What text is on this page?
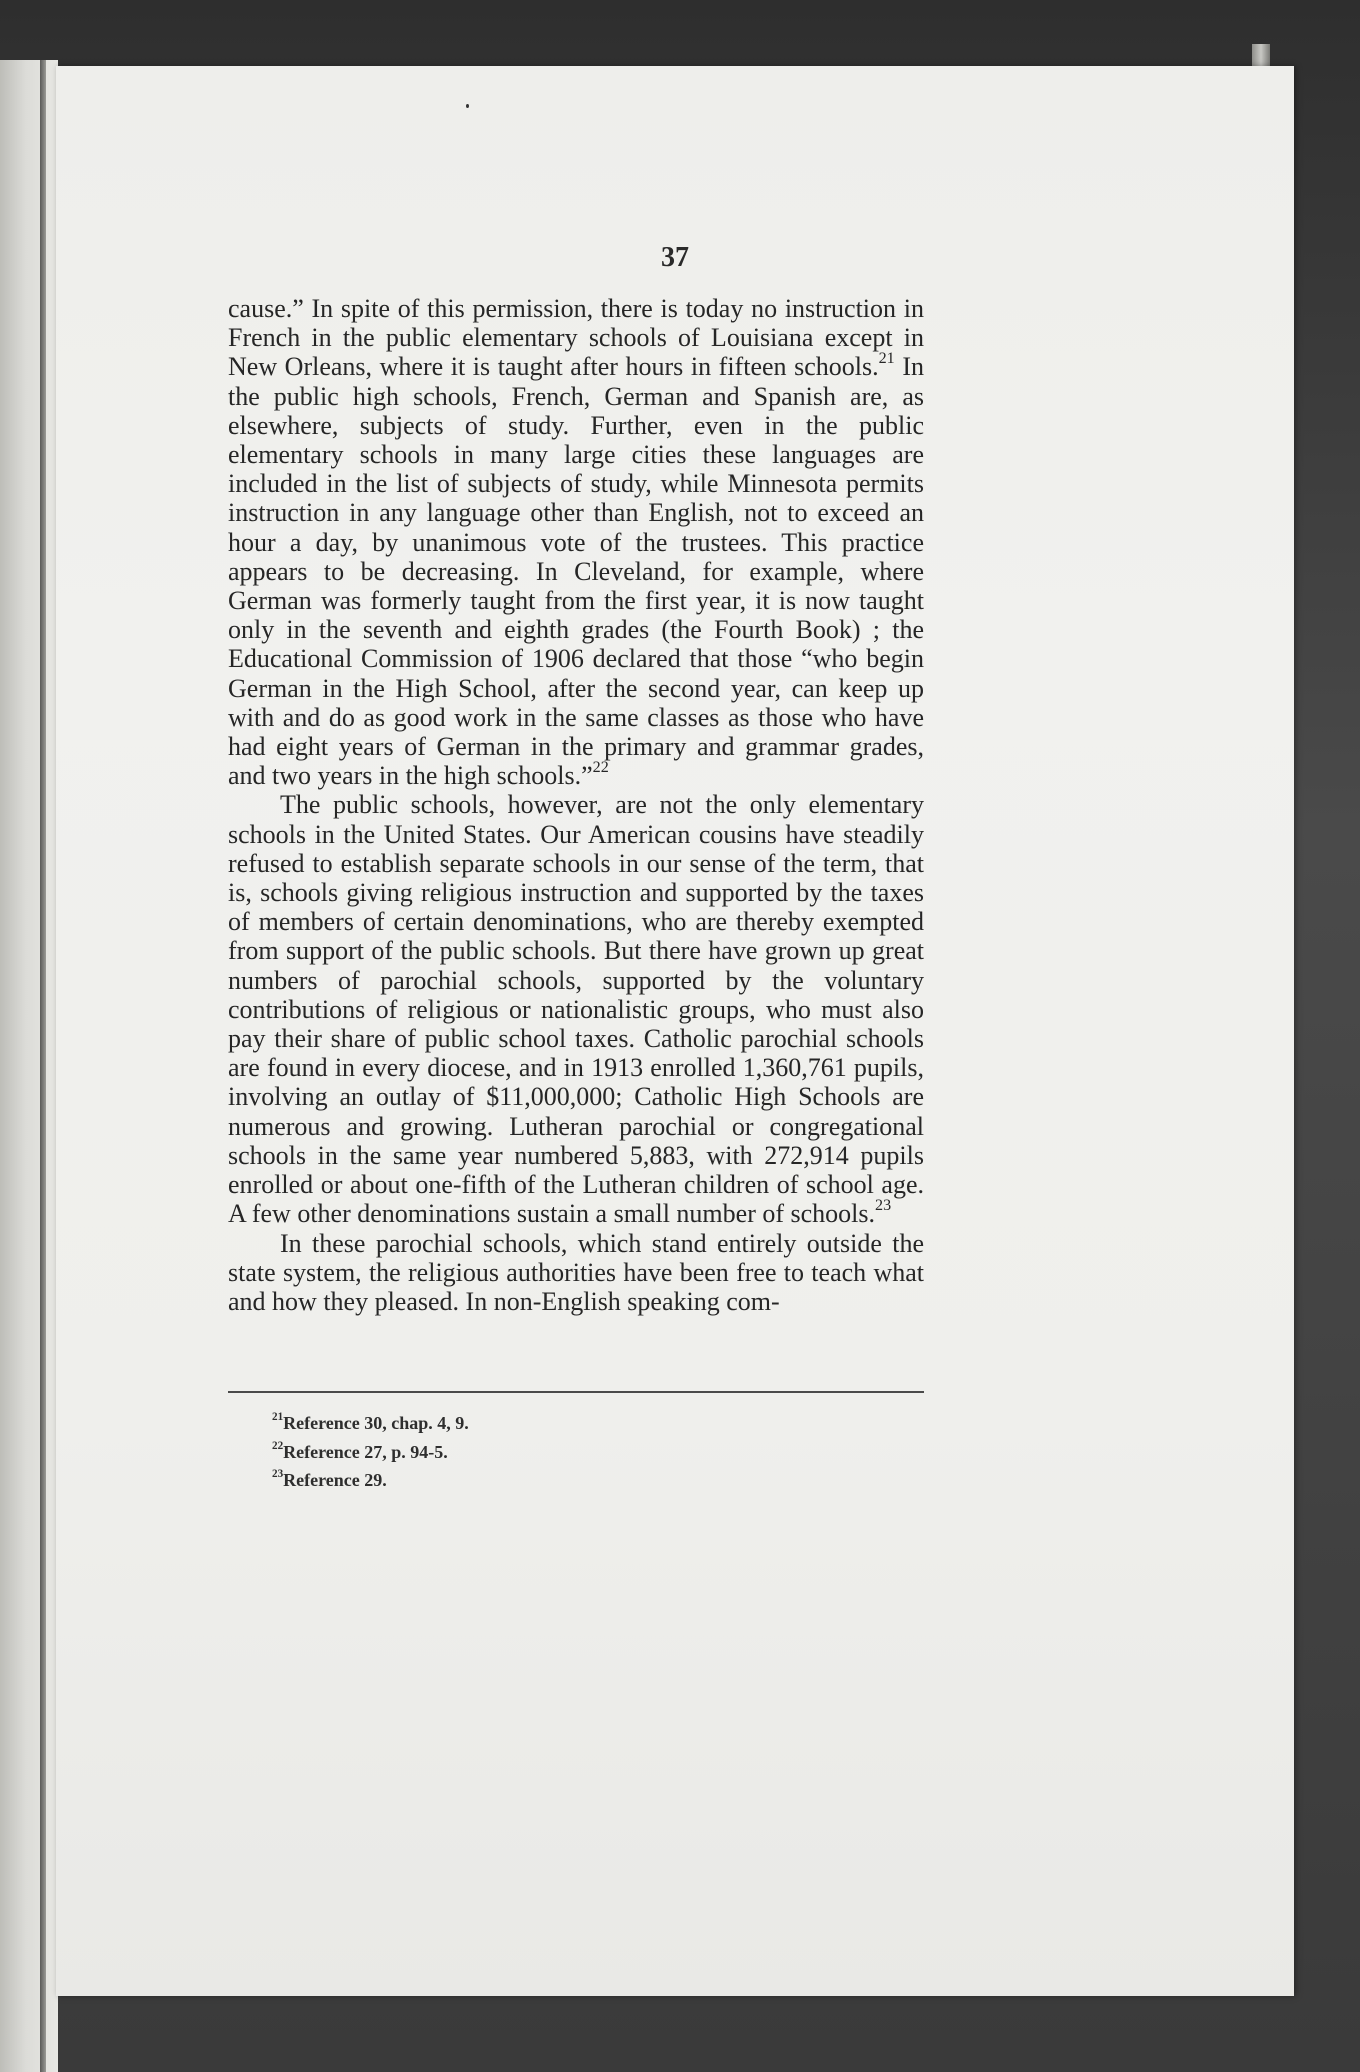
37

cause.” In spite of this permission, there is today no instruction in French in the public elementary schools of Louisiana except in New Orleans, where it is taught after hours in fifteen schools.$^{21}$ In the public high schools, French, German and Spanish are, as elsewhere, subjects of study. Further, even in the public elementary schools in many large cities these languages are included in the list of subjects of study, while Minnesota permits instruction in any language other than English, not to exceed an hour a day, by unanimous vote of the trustees. This practice appears to be decreasing. In Cleveland, for example, where German was formerly taught from the first year, it is now taught only in the seventh and eighth grades (the Fourth Book) ; the Educational Commission of 1906 declared that those “who begin German in the High School, after the second year, can keep up with and do as good work in the same classes as those who have had eight years of German in the primary and grammar grades, and two years in the high schools.”$^{22}$

The public schools, however, are not the only elementary schools in the United States. Our American cousins have steadily refused to establish separate schools in our sense of the term, that is, schools giving religious instruction and supported by the taxes of members of certain denominations, who are thereby exempted from support of the public schools. But there have grown up great numbers of parochial schools, supported by the voluntary contributions of religious or nationalistic groups, who must also pay their share of public school taxes. Catholic parochial schools are found in every diocese, and in 1913 enrolled 1,360,761 pupils, involving an outlay of $11,000,000; Catholic High Schools are numerous and growing. Lutheran parochial or congregational schools in the same year numbered 5,883, with 272,914 pupils enrolled or about one-fifth of the Lutheran children of school age. A few other denominations sustain a small number of schools.$^{23}$

In these parochial schools, which stand entirely outside the state system, the religious authorities have been free to teach what and how they pleased. In non-English speaking com-

$^{21}$Reference 30, chap. 4, 9.
$^{22}$Reference 27, p. 94-5.
$^{23}$Reference 29.
